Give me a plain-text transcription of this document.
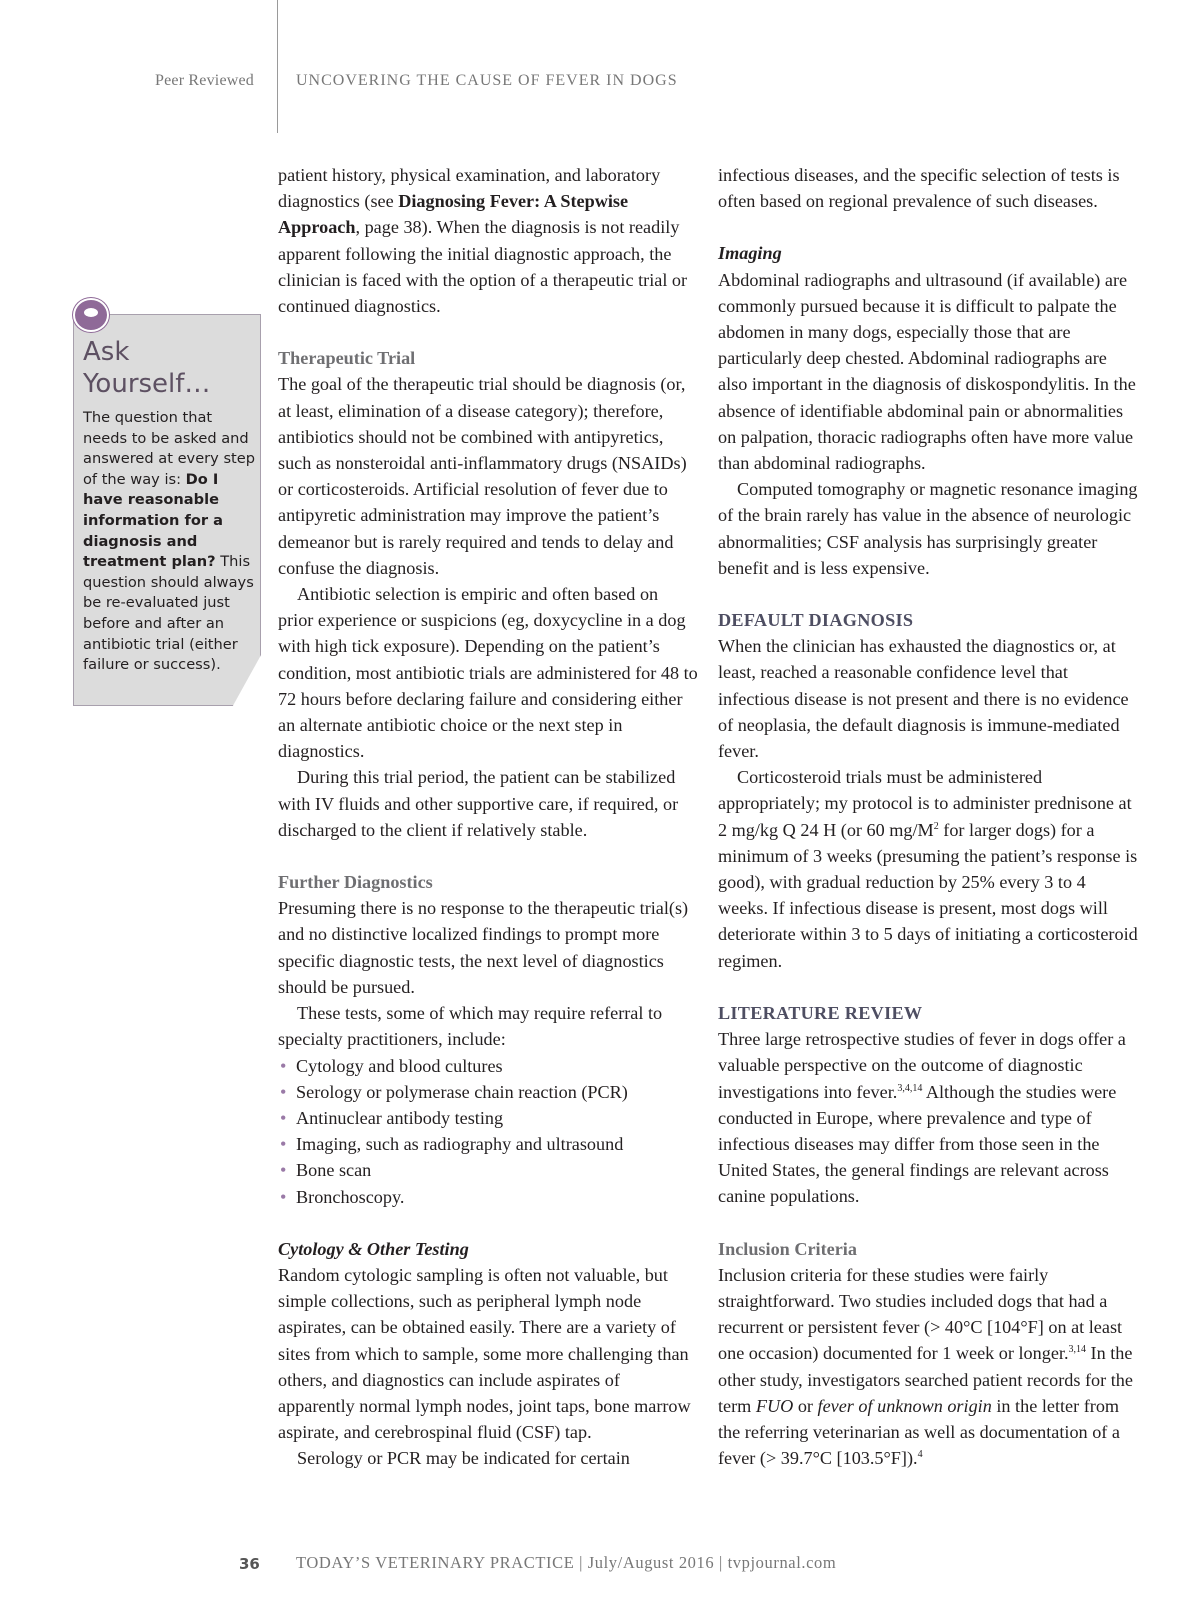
Peer Reviewed	UNCOVERING THE CAUSE OF FEVER IN DOGS
Ask Yourself…
The question that needs to be asked and answered at every step of the way is: Do I have reasonable information for a diagnosis and treatment plan? This question should always be re-evaluated just before and after an antibiotic trial (either failure or success).

patient history, physical examination, and laboratory diagnostics (see Diagnosing Fever: A Stepwise Approach, page 38). When the diagnosis is not readily apparent following the initial diagnostic approach, the clinician is faced with the option of a therapeutic trial or continued diagnostics.

Therapeutic Trial

The goal of the therapeutic trial should be diagnosis (or, at least, elimination of a disease category); therefore, antibiotics should not be combined with antipyretics, such as nonsteroidal anti-inflammatory drugs (NSAIDs) or corticosteroids. Artificial resolution of fever due to antipyretic administration may improve the patient’s demeanor but is rarely required and tends to delay and confuse the diagnosis.

Antibiotic selection is empiric and often based on prior experience or suspicions (eg, doxycycline in a dog with high tick exposure). Depending on the patient’s condition, most antibiotic trials are administered for 48 to 72 hours before declaring failure and considering either an alternate antibiotic choice or the next step in diagnostics.

During this trial period, the patient can be stabilized with IV fluids and other supportive care, if required, or discharged to the client if relatively stable.

Further Diagnostics

Presuming there is no response to the therapeutic trial(s) and no distinctive localized findings to prompt more specific diagnostic tests, the next level of diagnostics should be pursued.

These tests, some of which may require referral to specialty practitioners, include:

• Cytology and blood cultures
• Serology or polymerase chain reaction (PCR)
• Antinuclear antibody testing
• Imaging, such as radiography and ultrasound
• Bone scan
• Bronchoscopy.

Cytology & Other Testing

Random cytologic sampling is often not valuable, but simple collections, such as peripheral lymph node aspirates, can be obtained easily. There are a variety of sites from which to sample, some more challenging than others, and diagnostics can include aspirates of apparently normal lymph nodes, joint taps, bone marrow aspirate, and cerebrospinal fluid (CSF) tap.

Serology or PCR may be indicated for certain

infectious diseases, and the specific selection of tests is often based on regional prevalence of such diseases.

Imaging

Abdominal radiographs and ultrasound (if available) are commonly pursued because it is difficult to palpate the abdomen in many dogs, especially those that are particularly deep chested. Abdominal radiographs are also important in the diagnosis of diskospondylitis. In the absence of identifiable abdominal pain or abnormalities on palpation, thoracic radiographs often have more value than abdominal radiographs.

Computed tomography or magnetic resonance imaging of the brain rarely has value in the absence of neurologic abnormalities; CSF analysis has surprisingly greater benefit and is less expensive.

DEFAULT DIAGNOSIS

When the clinician has exhausted the diagnostics or, at least, reached a reasonable confidence level that infectious disease is not present and there is no evidence of neoplasia, the default diagnosis is immune-mediated fever.

Corticosteroid trials must be administered appropriately; my protocol is to administer prednisone at 2 mg/kg Q 24 H (or 60 $mg/M^2$ for larger dogs) for a minimum of 3 weeks (presuming the patient’s response is good), with gradual reduction by 25% every 3 to 4 weeks. If infectious disease is present, most dogs will deteriorate within 3 to 5 days of initiating a corticosteroid regimen.

LITERATURE REVIEW

Three large retrospective studies of fever in dogs offer a valuable perspective on the outcome of diagnostic investigations into fever.$^{3,4,14}$ Although the studies were conducted in Europe, where prevalence and type of infectious diseases may differ from those seen in the United States, the general findings are relevant across canine populations.

Inclusion Criteria

Inclusion criteria for these studies were fairly straightforward. Two studies included dogs that had a recurrent or persistent fever (> 40°C [104°F] on at least one occasion) documented for 1 week or longer.$^{3,14}$ In the other study, investigators searched patient records for the term FUO or fever of unknown origin in the letter from the referring veterinarian as well as documentation of a fever (> 39.7°C [103.5°F]).$^4$

36 TODAY’S VETERINARY PRACTICE | July/August 2016 | tvpjournal.com
